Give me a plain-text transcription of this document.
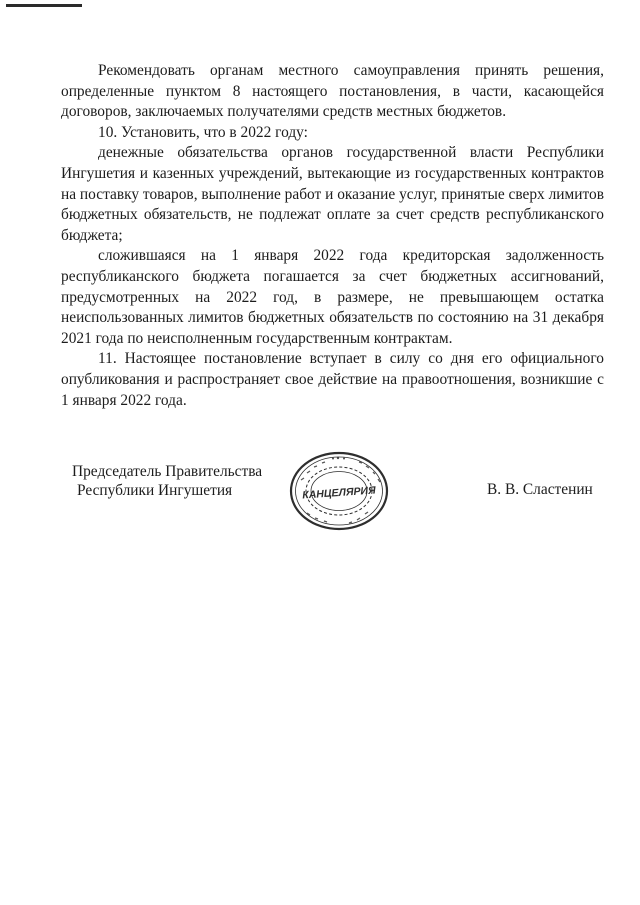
Рекомендовать органам местного самоуправления принять решения, определенные пунктом 8 настоящего постановления, в части, касающейся договоров, заключаемых получателями средств местных бюджетов.

10. Установить, что в 2022 году:

денежные обязательства органов государственной власти Республики Ингушетия и казенных учреждений, вытекающие из государственных контрактов на поставку товаров, выполнение работ и оказание услуг, принятые сверх лимитов бюджетных обязательств, не подлежат оплате за счет средств республиканского бюджета;

сложившаяся на 1 января 2022 года кредиторская задолженность республиканского бюджета погашается за счет бюджетных ассигнований, предусмотренных на 2022 год, в размере, не превышающем остатка неиспользованных лимитов бюджетных обязательств по состоянию на 31 декабря 2021 года по неисполненным государственным контрактам.

11. Настоящее постановление вступает в силу со дня его официального опубликования и распространяет свое действие на правоотношения, возникшие с 1 января 2022 года.

Председатель Правительства
Республики Ингушетия	КАНЦЕЛЯРИЯ	В. В. Сластенин
